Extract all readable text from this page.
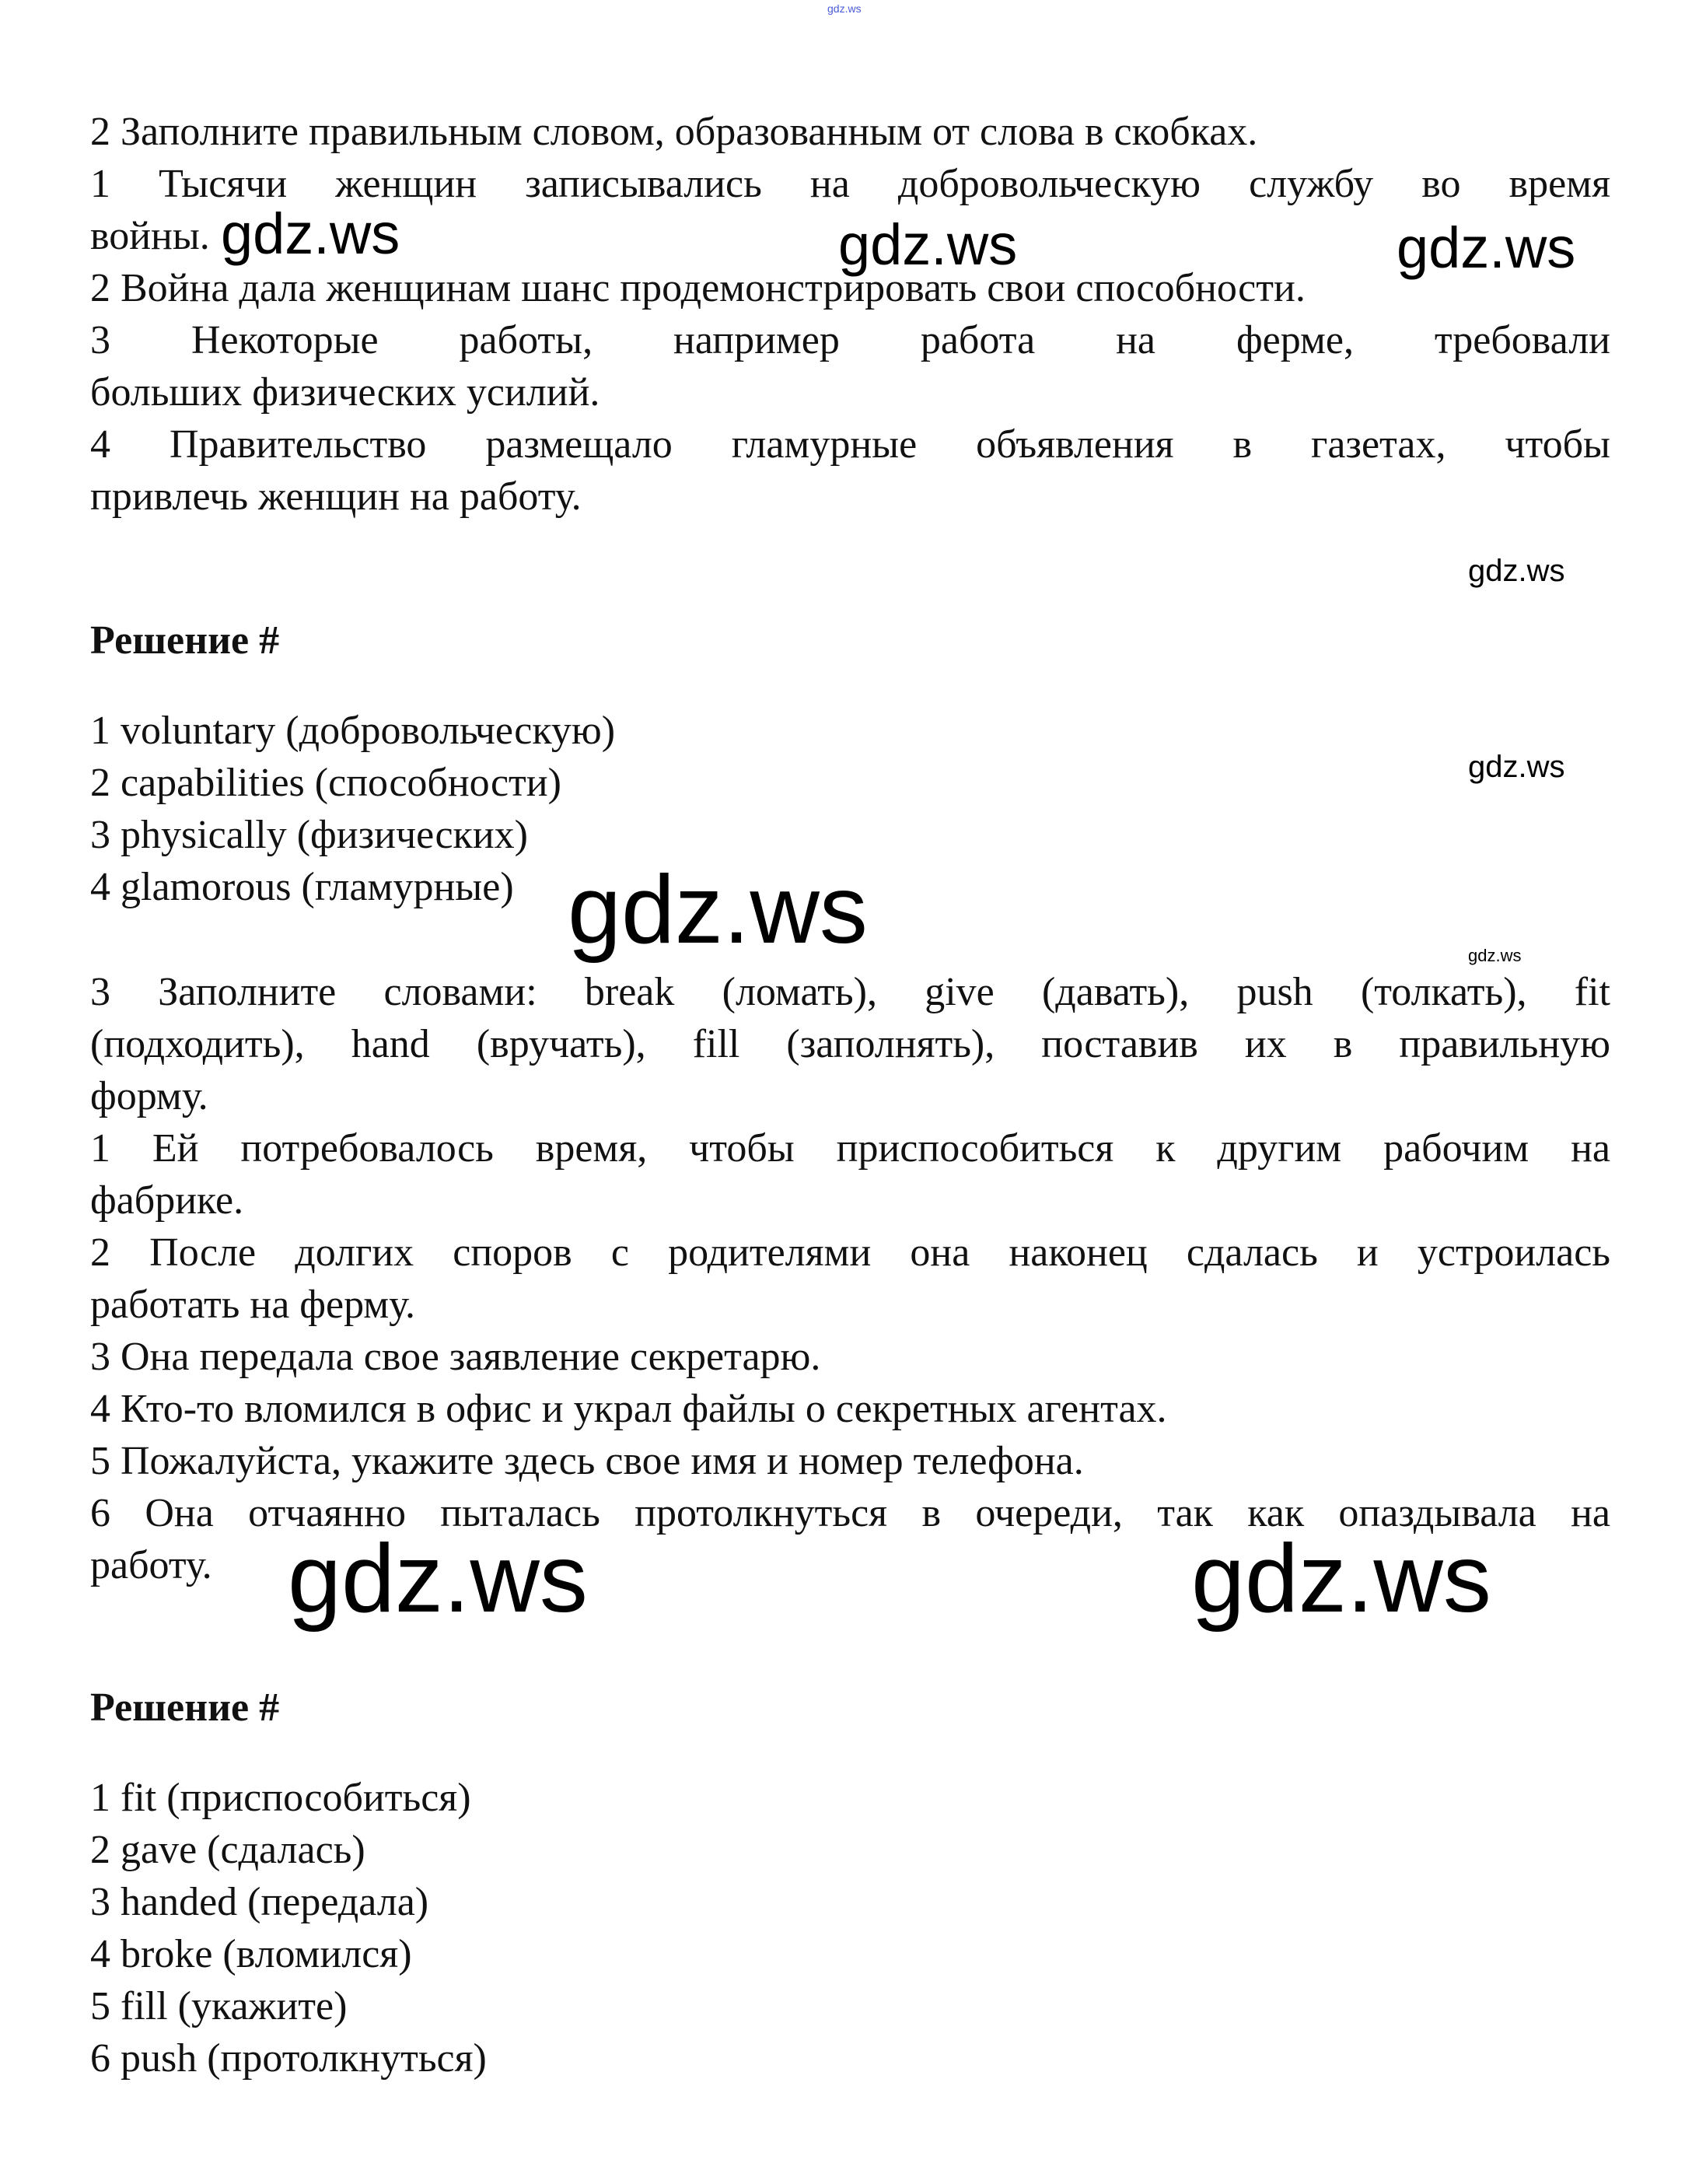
gdz.ws
2 Заполните правильным словом, образованным от слова в скобках.
1 Тысячи женщин записывались на добровольческую службу во время
войны.
2 Война дала женщинам шанс продемонстрировать свои способности.
3 Некоторые работы, например работа на ферме, требовали
больших физических усилий.
4 Правительство размещало гламурные объявления в газетах, чтобы
привлечь женщин на работу.
gdz.ws	gdz.ws	gdz.ws
gdz.ws
Решение #
1 voluntary (добровольческую)
2 capabilities (способности)
3 physically (физических)
4 glamorous (гламурные)
gdz.ws
gdz.ws	gdz.ws
3 Заполните словами: break (ломать), give (давать), push (толкать), fit
(подходить), hand (вручать), fill (заполнять), поставив их в правильную
форму.
1 Ей потребовалось время, чтобы приспособиться к другим рабочим на
фабрике.
2 После долгих споров с родителями она наконец сдалась и устроилась
работать на ферму.
3 Она передала свое заявление секретарю.
4 Кто-то вломился в офис и украл файлы о секретных агентах.
5 Пожалуйста, укажите здесь свое имя и номер телефона.
6 Она отчаянно пыталась протолкнуться в очереди, так как опаздывала на
работу. gdz.ws	gdz.ws
Решение #
1 fit (приспособиться)
2 gave (сдалась)
3 handed (передала)
4 broke (вломился)
5 fill (укажите)
6 push (протолкнуться)
